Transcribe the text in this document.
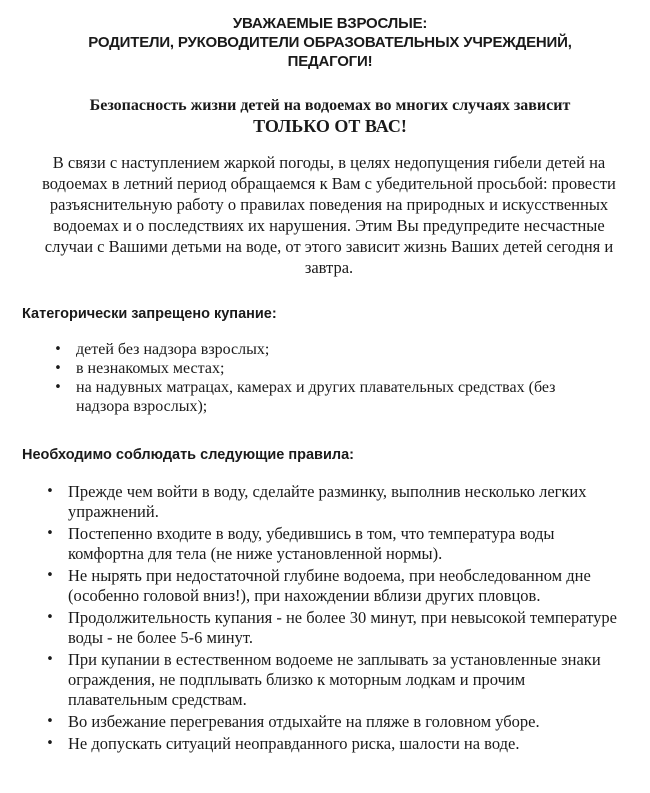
УВАЖАЕМЫЕ ВЗРОСЛЫЕ:
РОДИТЕЛИ, РУКОВОДИТЕЛИ ОБРАЗОВАТЕЛЬНЫХ УЧРЕЖДЕНИЙ,
ПЕДАГОГИ!
Безопасность жизни детей на водоемах во многих случаях зависит
ТОЛЬКО ОТ ВАС!
В связи с наступлением жаркой погоды, в целях недопущения гибели детей на водоемах в летний период обращаемся к Вам с убедительной просьбой: провести разъяснительную работу о правилах поведения на природных и искусственных водоемах и о последствиях их нарушения. Этим Вы предупредите несчастные случаи с Вашими детьми на воде, от этого зависит жизнь Ваших детей сегодня и завтра.
Категорически запрещено купание:
• детей без надзора взрослых;
• в незнакомых местах;
• на надувных матрацах, камерах и других плавательных средствах (без надзора взрослых);
Необходимо соблюдать следующие правила:
• Прежде чем войти в воду, сделайте разминку, выполнив несколько легких упражнений.
• Постепенно входите в воду, убедившись в том, что температура воды комфортна для тела (не ниже установленной нормы).
• Не нырять при недостаточной глубине водоема, при необследованном дне (особенно головой вниз!), при нахождении вблизи других пловцов.
• Продолжительность купания - не более 30 минут, при невысокой температуре воды - не более 5-6 минут.
• При купании в естественном водоеме не заплывать за установленные знаки ограждения, не подплывать близко к моторным лодкам и прочим плавательным средствам.
• Во избежание перегревания отдыхайте на пляже в головном уборе.
• Не допускать ситуаций неоправданного риска, шалости на воде.
